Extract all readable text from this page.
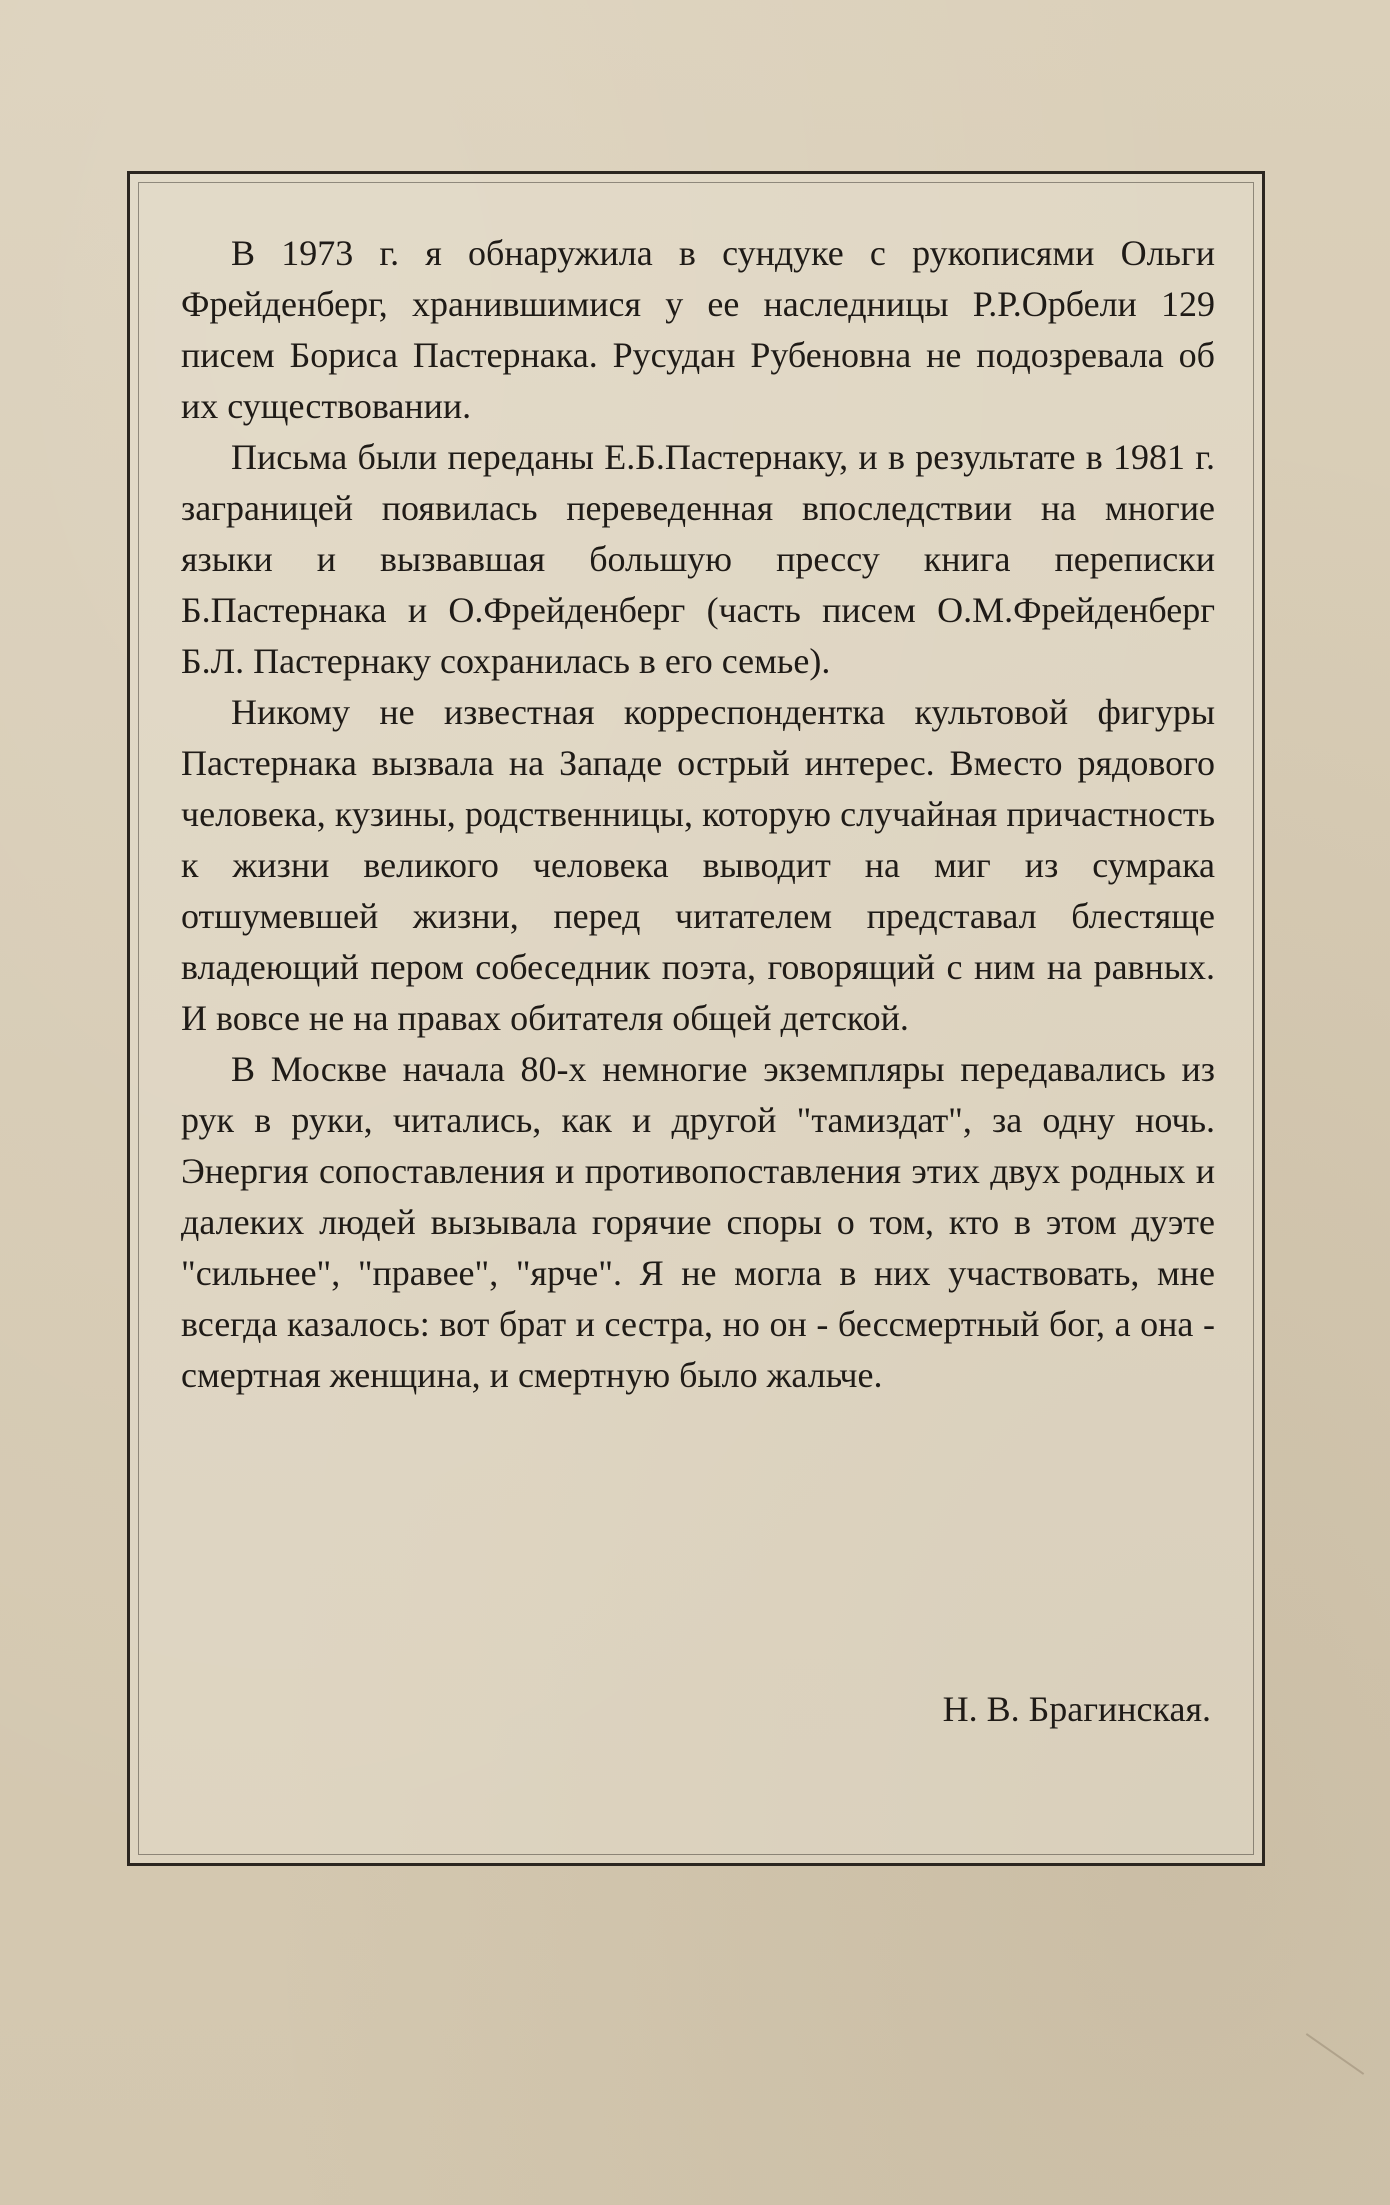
В 1973 г. я обнаружила в сундуке с рукописями Ольги Фрейденберг, хранившимися у ее наследницы Р.Р.Орбели 129 писем Бориса Пастернака. Русудан Рубеновна не подозревала об их существовании.

Письма были переданы Е.Б.Пастернаку, и в результате в 1981 г. заграницей появилась переведенная впоследствии на многие языки и вызвавшая большую прессу книга переписки Б.Пастернака и О.Фрейденберг (часть писем О.М.Фрейденберг Б.Л. Пастернаку сохранилась в его семье).

Никому не известная корреспондентка культовой фигуры Пастернака вызвала на Западе острый интерес. Вместо рядового человека, кузины, родственницы, которую случайная причастность к жизни великого человека выводит на миг из сумрака отшумевшей жизни, перед читателем представал блестяще владеющий пером собеседник поэта, говорящий с ним на равных. И вовсе не на правах обитателя общей детской.

В Москве начала 80-х немногие экземпляры передавались из рук в руки, читались, как и другой "тамиздат", за одну ночь. Энергия сопоставления и противопоставления этих двух родных и далеких людей вызывала горячие споры о том, кто в этом дуэте "сильнее", "правее", "ярче". Я не могла в них участвовать, мне всегда казалось: вот брат и сестра, но он - бессмертный бог, а она - смертная женщина, и смертную было жальче.

Н. В. Брагинская.
